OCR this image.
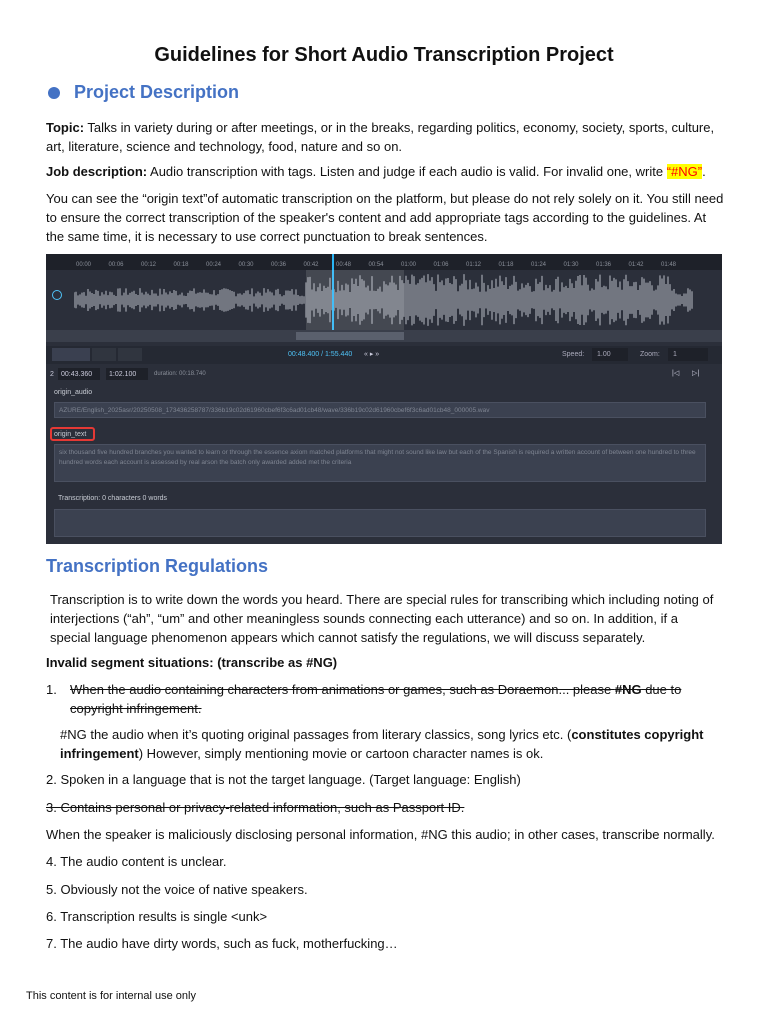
Guidelines for Short Audio Transcription Project
Project Description
Topic: Talks in variety during or after meetings, or in the breaks, regarding politics, economy, society, sports, culture, art, literature, science and technology, food, nature and so on.
Job description: Audio transcription with tags. Listen and judge if each audio is valid. For invalid one, write “#NG”.
You can see the “origin text”of automatic transcription on the platform, but please do not rely solely on it. You still need to ensure the correct transcription of the speaker's content and add appropriate tags according to the guidelines. At the same time, it is necessary to use correct punctuation to break sentences.
00:00	00:06	00:12	00:18	00:24	00:30	00:36	00:42	00:48	00:54	01:00	01:06	01:12	01:18	01:24	01:30	01:36	01:42	01:48
00:48.400 / 1:55.440 « ▸ »	Speed:	1.00	Zoom:	1
2	00:43.360	1:02.100	duration: 00:18.740	|◁ ▷|
origin_audio
AZURE/English_2025asr/20250508_173436258787/336b19c02d61960cbef6f3c6ad01cb48/wave/336b19c02d61960cbef6f3c6ad01cb48_000005.wav
origin_text
six thousand five hundred branches you wanted to learn or through the essence axiom matched platforms that might not sound like law but each of the Spanish is required a written account of between one hundred to three hundred words each account is assessed by real arson the batch only awarded added met the criteria
Transcription: 0 characters 0 words
Transcription Regulations
Transcription is to write down the words you heard. There are special rules for transcribing which including noting of interjections (“ah”, “um” and other meaningless sounds connecting each utterance) and so on. In addition, if a special language phenomenon appears which cannot satisfy the regulations, we will discuss separately.
Invalid segment situations: (transcribe as #NG)
1. When the audio containing characters from animations or games, such as Doraemon... please #NG due to copyright infringement.
#NG the audio when it’s quoting original passages from literary classics, song lyrics etc. (constitutes copyright infringement) However, simply mentioning movie or cartoon character names is ok.
2. Spoken in a language that is not the target language. (Target language: English)
3. Contains personal or privacy-related information, such as Passport ID.
When the speaker is maliciously disclosing personal information, #NG this audio; in other cases, transcribe normally.
4. The audio content is unclear.
5. Obviously not the voice of native speakers.
6. Transcription results is single <unk>
7. The audio have dirty words, such as fuck, motherfucking…
This content is for internal use only
